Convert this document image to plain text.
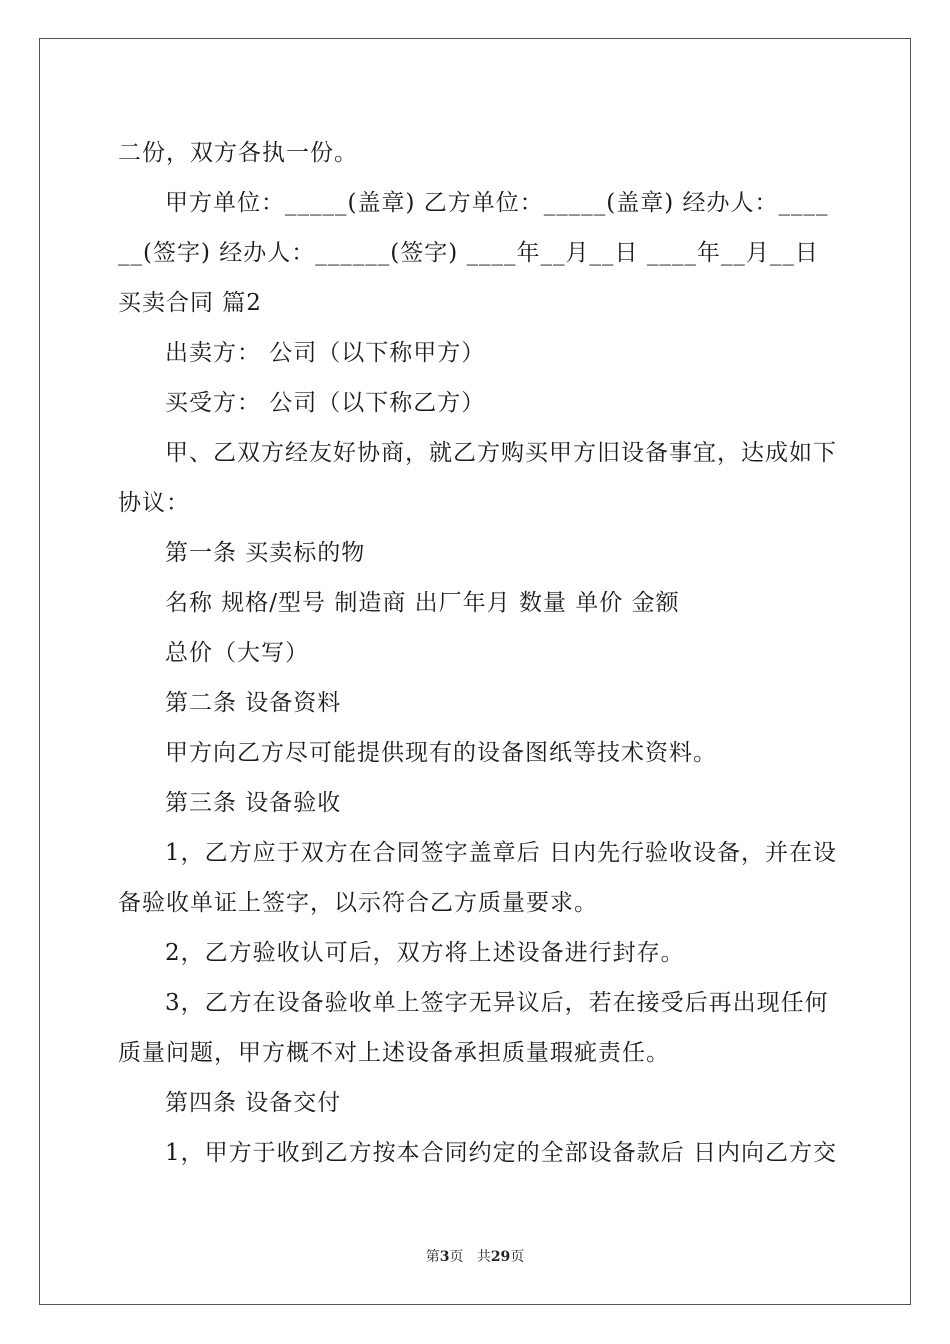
二份，双方各执一份。
甲方单位：_____(盖章) 乙方单位：_____(盖章) 经办人：____
__(签字) 经办人：______(签字) ____年__月__日 ____年__月__日
买卖合同 篇2
出卖方： 公司（以下称甲方）
买受方： 公司（以下称乙方）
甲、乙双方经友好协商，就乙方购买甲方旧设备事宜，达成如下
协议：
第一条 买卖标的物
名称 规格/型号 制造商 出厂年月 数量 单价 金额
总价（大写）
第二条 设备资料
甲方向乙方尽可能提供现有的设备图纸等技术资料。
第三条 设备验收
1，乙方应于双方在合同签字盖章后 日内先行验收设备，并在设
备验收单证上签字，以示符合乙方质量要求。
2，乙方验收认可后，双方将上述设备进行封存。
3，乙方在设备验收单上签字无异议后，若在接受后再出现任何
质量问题，甲方概不对上述设备承担质量瑕疵责任。
第四条 设备交付
1，甲方于收到乙方按本合同约定的全部设备款后 日内向乙方交
第3页 共29页
